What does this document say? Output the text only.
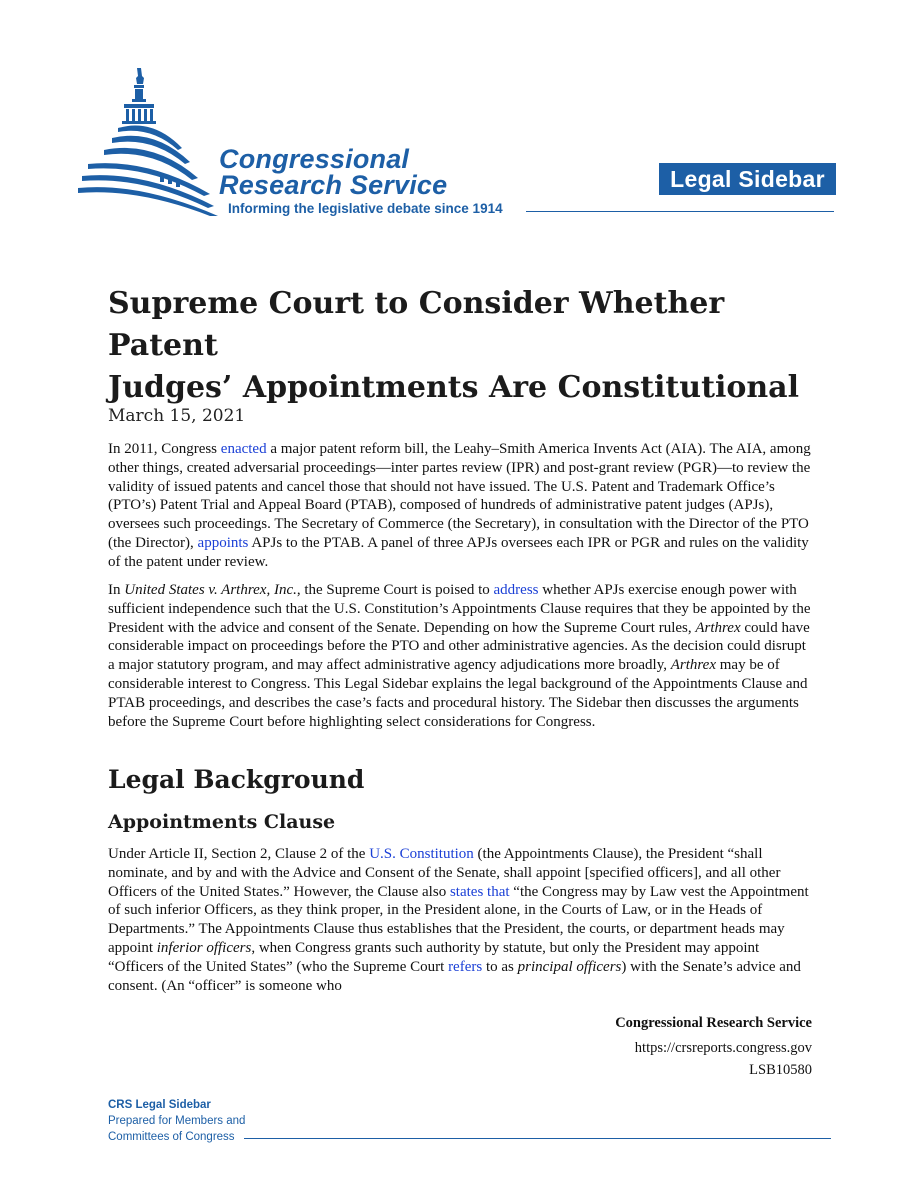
Congressional
Research Service
Informing the legislative debate since 1914
Legal Sidebar
Supreme Court to Consider Whether Patent
Judges’ Appointments Are Constitutional
March 15, 2021

In 2011, Congress enacted a major patent reform bill, the Leahy–Smith America Invents Act (AIA). The AIA, among other things, created adversarial proceedings—inter partes review (IPR) and post-grant review (PGR)—to review the validity of issued patents and cancel those that should not have issued. The U.S. Patent and Trademark Office’s (PTO’s) Patent Trial and Appeal Board (PTAB), composed of hundreds of administrative patent judges (APJs), oversees such proceedings. The Secretary of Commerce (the Secretary), in consultation with the Director of the PTO (the Director), appoints APJs to the PTAB. A panel of three APJs oversees each IPR or PGR and rules on the validity of the patent under review.

In United States v. Arthrex, Inc., the Supreme Court is poised to address whether APJs exercise enough power with sufficient independence such that the U.S. Constitution’s Appointments Clause requires that they be appointed by the President with the advice and consent of the Senate. Depending on how the Supreme Court rules, Arthrex could have considerable impact on proceedings before the PTO and other administrative agencies. As the decision could disrupt a major statutory program, and may affect administrative agency adjudications more broadly, Arthrex may be of considerable interest to Congress. This Legal Sidebar explains the legal background of the Appointments Clause and PTAB proceedings, and describes the case’s facts and procedural history. The Sidebar then discusses the arguments before the Supreme Court before highlighting select considerations for Congress.

Legal Background
Appointments Clause

Under Article II, Section 2, Clause 2 of the U.S. Constitution (the Appointments Clause), the President “shall nominate, and by and with the Advice and Consent of the Senate, shall appoint [specified officers], and all other Officers of the United States.” However, the Clause also states that “the Congress may by Law vest the Appointment of such inferior Officers, as they think proper, in the President alone, in the Courts of Law, or in the Heads of Departments.” The Appointments Clause thus establishes that the President, the courts, or department heads may appoint inferior officers, when Congress grants such authority by statute, but only the President may appoint “Officers of the United States” (who the Supreme Court refers to as principal officers) with the Senate’s advice and consent. (An “officer” is someone who

Congressional Research Service
https://crsreports.congress.gov
LSB10580
CRS Legal Sidebar
Prepared for Members and
Committees of Congress
